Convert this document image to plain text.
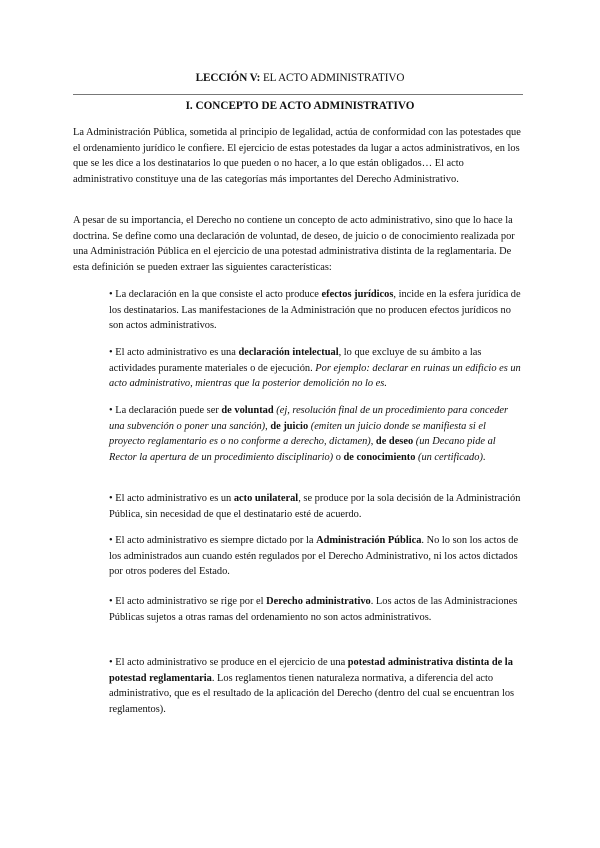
LECCIÓN V: EL ACTO ADMINISTRATIVO
I. CONCEPTO DE ACTO ADMINISTRATIVO

La Administración Pública, sometida al principio de legalidad, actúa de conformidad con las potestades que el ordenamiento jurídico le confiere. El ejercicio de estas potestades da lugar a actos administrativos, en los que se les dice a los destinatarios lo que pueden o no hacer, a lo que están obligados… El acto administrativo constituye una de las categorías más importantes del Derecho Administrativo.

A pesar de su importancia, el Derecho no contiene un concepto de acto administrativo, sino que lo hace la doctrina. Se define como una declaración de voluntad, de deseo, de juicio o de conocimiento realizada por una Administración Pública en el ejercicio de una potestad administrativa distinta de la reglamentaria. De esta definición se pueden extraer las siguientes características:

• La declaración en la que consiste el acto produce efectos jurídicos, incide en la esfera jurídica de los destinatarios. Las manifestaciones de la Administración que no producen efectos jurídicos no son actos administrativos.

• El acto administrativo es una declaración intelectual, lo que excluye de su ámbito a las actividades puramente materiales o de ejecución. Por ejemplo: declarar en ruinas un edificio es un acto administrativo, mientras que la posterior demolición no lo es.

• La declaración puede ser de voluntad (ej, resolución final de un procedimiento para conceder una subvención o poner una sanción), de juicio (emiten un juicio donde se manifiesta si el proyecto reglamentario es o no conforme a derecho, dictamen), de deseo (un Decano pide al Rector la apertura de un procedimiento disciplinario) o de conocimiento (un certificado).

• El acto administrativo es un acto unilateral, se produce por la sola decisión de la Administración Pública, sin necesidad de que el destinatario esté de acuerdo.

• El acto administrativo es siempre dictado por la Administración Pública. No lo son los actos de los administrados aun cuando estén regulados por el Derecho Administrativo, ni los actos dictados por otros poderes del Estado.

• El acto administrativo se rige por el Derecho administrativo. Los actos de las Administraciones Públicas sujetos a otras ramas del ordenamiento no son actos administrativos.

• El acto administrativo se produce en el ejercicio de una potestad administrativa distinta de la potestad reglamentaria. Los reglamentos tienen naturaleza normativa, a diferencia del acto administrativo, que es el resultado de la aplicación del Derecho (dentro del cual se encuentran los reglamentos).
